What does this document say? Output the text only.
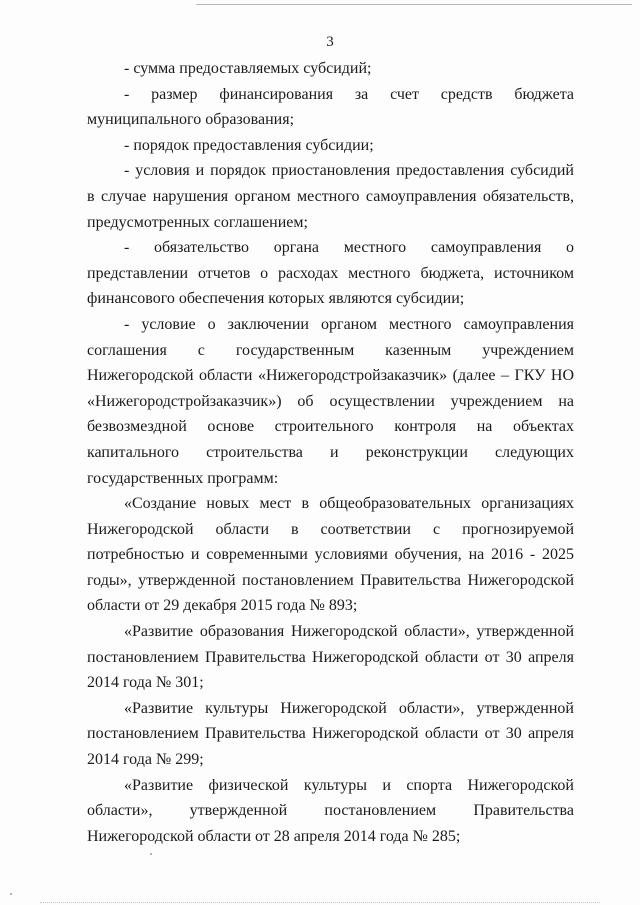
3

- сумма предоставляемых субсидий;

- размер финансирования за счет средств бюджета муниципального образования;

- порядок предоставления субсидии;

- условия и порядок приостановления предоставления субсидий в случае нарушения органом местного самоуправления обязательств, предусмотренных соглашением;

- обязательство органа местного самоуправления о представлении отчетов о расходах местного бюджета, источником финансового обеспечения которых являются субсидии;

- условие о заключении органом местного самоуправления соглашения с государственным казенным учреждением Нижегородской области «Нижегородстройзаказчик» (далее – ГКУ НО «Нижегородстройзаказчик») об осуществлении учреждением на безвозмездной основе строительного контроля на объектах капитального строительства и реконструкции следующих государственных программ:

«Создание новых мест в общеобразовательных организациях Нижегородской области в соответствии с прогнозируемой потребностью и современными условиями обучения, на 2016 - 2025 годы», утвержденной постановлением Правительства Нижегородской области от 29 декабря 2015 года № 893;

«Развитие образования Нижегородской области», утвержденной постановлением Правительства Нижегородской области от 30 апреля 2014 года № 301;

«Развитие культуры Нижегородской области», утвержденной постановлением Правительства Нижегородской области от 30 апреля 2014 года № 299;

«Развитие физической культуры и спорта Нижегородской области», утвержденной постановлением Правительства Нижегородской области от 28 апреля 2014 года № 285;
